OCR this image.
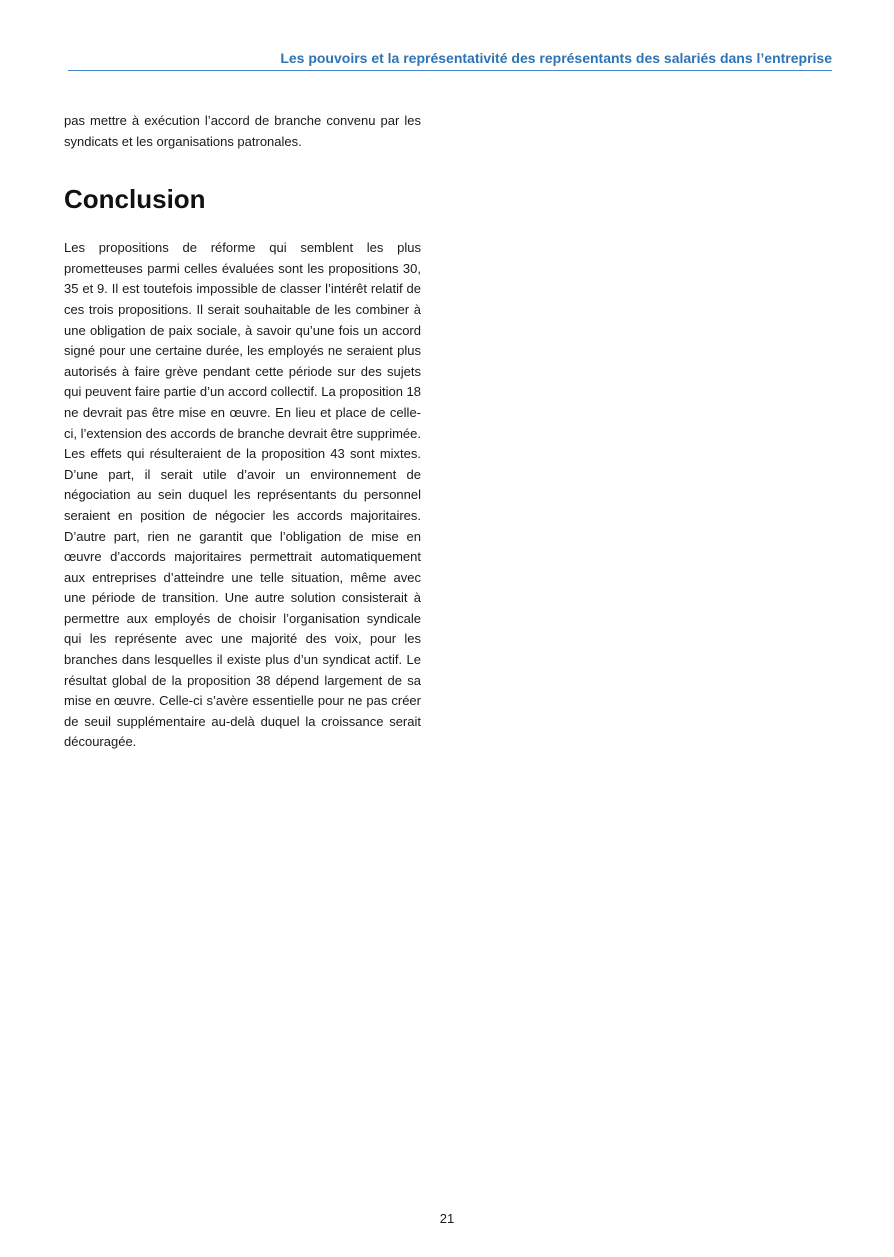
Les pouvoirs et la représentativité des représentants des salariés dans l’entreprise

pas mettre à exécution l’accord de branche convenu par les syndicats et les organisations patronales.

Conclusion

Les propositions de réforme qui semblent les plus prometteuses parmi celles évaluées sont les propositions 30, 35 et 9. Il est toutefois impossible de classer l’intérêt relatif de ces trois propositions. Il serait souhaitable de les combiner à une obligation de paix sociale, à savoir qu’une fois un accord signé pour une certaine durée, les employés ne seraient plus autorisés à faire grève pendant cette période sur des sujets qui peuvent faire partie d’un accord collectif. La proposition 18 ne devrait pas être mise en œuvre. En lieu et place de celle-ci, l’extension des accords de branche devrait être supprimée. Les effets qui résulteraient de la proposition 43 sont mixtes. D’une part, il serait utile d’avoir un environnement de négociation au sein duquel les représentants du personnel seraient en position de négocier les accords majoritaires. D’autre part, rien ne garantit que l’obligation de mise en œuvre d’accords majoritaires permettrait automatiquement aux entreprises d’atteindre une telle situation, même avec une période de transition. Une autre solution consisterait à permettre aux employés de choisir l’organisation syndicale qui les représente avec une majorité des voix, pour les branches dans lesquelles il existe plus d’un syndicat actif. Le résultat global de la proposition 38 dépend largement de sa mise en œuvre. Celle-ci s’avère essentielle pour ne pas créer de seuil supplémentaire au-delà duquel la croissance serait découragée.

21
